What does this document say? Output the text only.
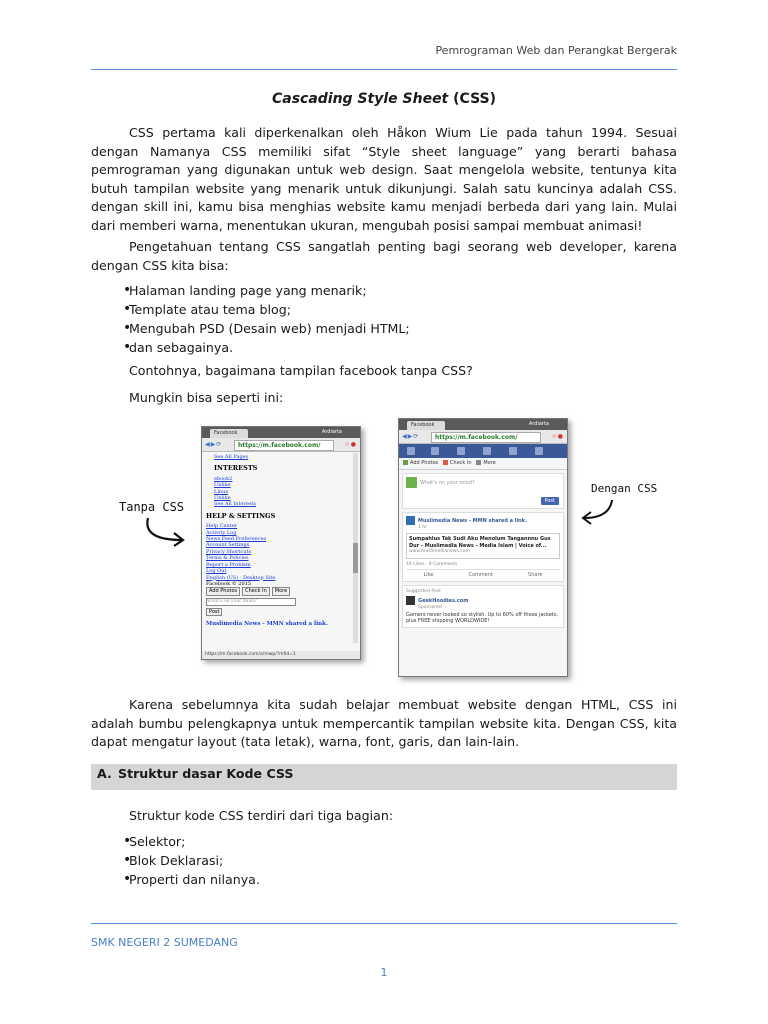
Pemrograman Web dan Perangkat Bergerak
Cascading Style Sheet (CSS)

CSS pertama kali diperkenalkan oleh Håkon Wium Lie pada tahun 1994. Sesuai dengan Namanya CSS memiliki sifat “Style sheet language” yang berarti bahasa pemrograman yang digunakan untuk web design. Saat mengelola website, tentunya kita butuh tampilan website yang menarik untuk dikunjungi. Salah satu kuncinya adalah CSS. dengan skill ini, kamu bisa menghias website kamu menjadi berbeda dari yang lain. Mulai dari memberi warna, menentukan ukuran, mengubah posisi sampai membuat animasi!

Pengetahuan tentang CSS sangatlah penting bagi seorang web developer, karena dengan CSS kita bisa:

• Halaman landing page yang menarik;
• Template atau tema blog;
• Mengubah PSD (Desain web) menjadi HTML;
• dan sebagainya.

Contohnya, bagaimana tampilan facebook tanpa CSS?

Mungkin bisa seperti ini:

Tanpa CSS
Dengan CSS
Facebook	Ardiarta
◀▶⟳	https://m.facebook.com/	☆●
See All Pages
INTERESTS
ebook2
Unlike
Linux
Unlike
See All Interests
HELP & SETTINGS
Help Center
Activity Log
News Feed Preferences
Account Settings
Privacy Shortcuts
Terms & Policies
Report a Problem
Log Out
English (US) · Desktop Site
Facebook © 2015
Add Photos Check In More
What's on your mind?
Post
Muslimedia News - MMN shared a link.
https://m.facebook.com/a/mwp/?mfid=1
Facebook	Ardiarta
◀▶⟳	https://m.facebook.com/	☆●
Add Photos Check In More
What's on your mind?
Post
Muslimedia News - MMN shared a link.
1 hr
Sumpahlus Tak Sudi Aku Menolum Tangannnu Gus Dur - Muslimedia News - Media Islam | Voice of...
www.muslimedianews.com
44 Likes · 9 Comments
Like	Comment	Share
Suggested Post
GeekHoodies.com
Sponsored
Gamers never looked so stylish. Up to 60% off these jackets, plus FREE shipping WORLDWIDE!

Karena sebelumnya kita sudah belajar membuat website dengan HTML, CSS ini adalah bumbu pelengkapnya untuk mempercantik tampilan website kita. Dengan CSS, kita dapat mengatur layout (tata letak), warna, font, garis, dan lain-lain.

A. Struktur dasar Kode CSS

Struktur kode CSS terdiri dari tiga bagian:

• Selektor;
• Blok Deklarasi;
• Properti dan nilanya.
SMK NEGERI 2 SUMEDANG
1
